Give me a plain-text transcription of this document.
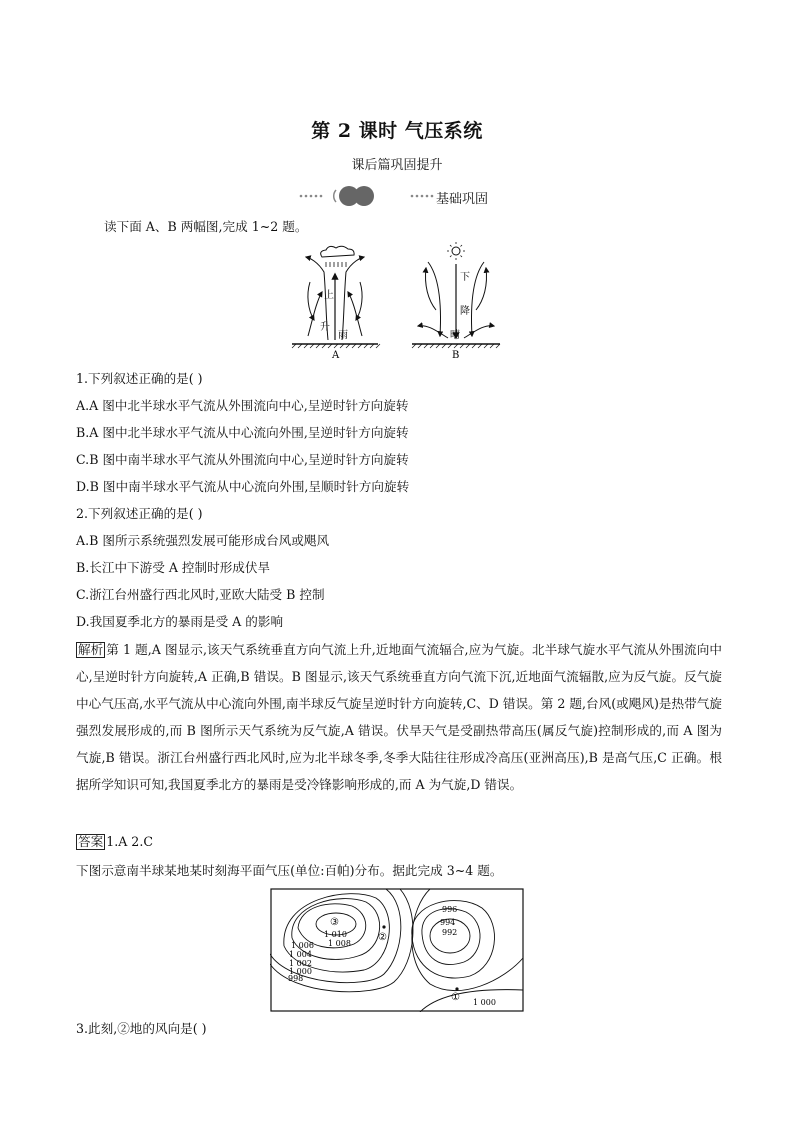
第 2 课时 气压系统
课后篇巩固提升
基础巩固
读下面 A、B 两幅图,完成 1~2 题。
上
升
雨
A
下
降
晴
B
1.下列叙述正确的是( )
A.A 图中北半球水平气流从外围流向中心,呈逆时针方向旋转
B.A 图中北半球水平气流从中心流向外围,呈逆时针方向旋转
C.B 图中南半球水平气流从外围流向中心,呈逆时针方向旋转
D.B 图中南半球水平气流从中心流向外围,呈顺时针方向旋转
2.下列叙述正确的是( )
A.B 图所示系统强烈发展可能形成台风或飓风
B.长江中下游受 A 控制时形成伏旱
C.浙江台州盛行西北风时,亚欧大陆受 B 控制
D.我国夏季北方的暴雨是受 A 的影响
解析 第 1 题,A 图显示,该天气系统垂直方向气流上升,近地面气流辐合,应为气旋。北半球气旋水平气流从外围流向中心,呈逆时针方向旋转,A 正确,B 错误。B 图显示,该天气系统垂直方向气流下沉,近地面气流辐散,应为反气旋。反气旋中心气压高,水平气流从中心流向外围,南半球反气旋呈逆时针方向旋转,C、D 错误。第 2 题,台风(或飓风)是热带气旋强烈发展形成的,而 B 图所示天气系统为反气旋,A 错误。伏旱天气是受副热带高压(属反气旋)控制形成的,而 A 图为气旋,B 错误。浙江台州盛行西北风时,应为北半球冬季,冬季大陆往往形成冷高压(亚洲高压),B 是高气压,C 正确。根据所学知识可知,我国夏季北方的暴雨是受冷锋影响形成的,而 A 为气旋,D 错误。
答案 1.A 2.C
下图示意南半球某地某时刻海平面气压(单位:百帕)分布。据此完成 3~4 题。
③
1 010
1 008
1 006
1 004
1 002
1 000
998
996
994
992
②
① 1 000
3.此刻,②地的风向是( )
